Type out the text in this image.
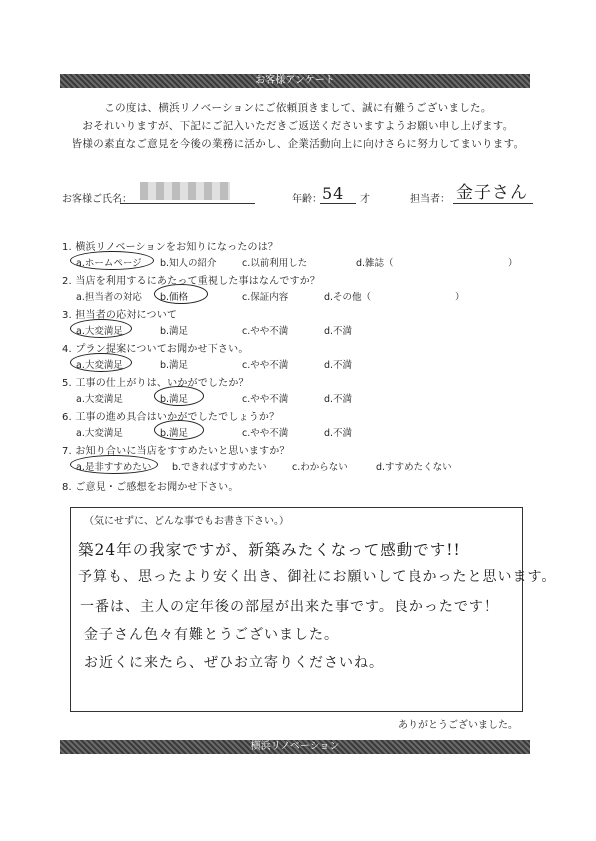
お客様アンケート
この度は、横浜リノベーションにご依頼頂きまして、誠に有難うございました。
おそれいりますが、下記にご記入いただきご返送くださいますようお願い申し上げます。
皆様の素直なご意見を今後の業務に活かし、企業活動向上に向けさらに努力してまいります。
お客様ご氏名：	年齢： 54 才	担当者： 金子さん
1. 横浜リノベーションをお知りになったのは？
a.ホームページ b.知人の紹介	c.以前利用した	d.雑誌（	）
2. 当店を利用するにあたって重視した事はなんですか？
a.担当者の対応 b.価格	c.保証内容	d.その他（	）
3. 担当者の応対について
a.大変満足	b.満足	c.やや不満	d.不満
4. プラン提案についてお聞かせ下さい。
a.大変満足	b.満足	c.やや不満	d.不満
5. 工事の仕上がりは、いかがでしたか？
a.大変満足	b.満足	c.やや不満	d.不満
6. 工事の進め具合はいかがでしたでしょうか？
a.大変満足	b.満足	c.やや不満	d.不満
7. お知り合いに当店をすすめたいと思いますか？
a.是非すすめたい b.できればすすめたい	c.わからない	d.すすめたくない
8. ご意見・ご感想をお聞かせ下さい。
（気にせずに、どんな事でもお書き下さい。）
築24年の我家ですが、新築みたくなって感動です!!
予算も、思ったより安く出き、御社にお願いして良かったと思います。
一番は、主人の定年後の部屋が出来た事です。良かったです！
金子さん色々有難とうございました。
お近くに来たら、ぜひお立寄りくださいね。
ありがとうございました。
横浜リノベーション
